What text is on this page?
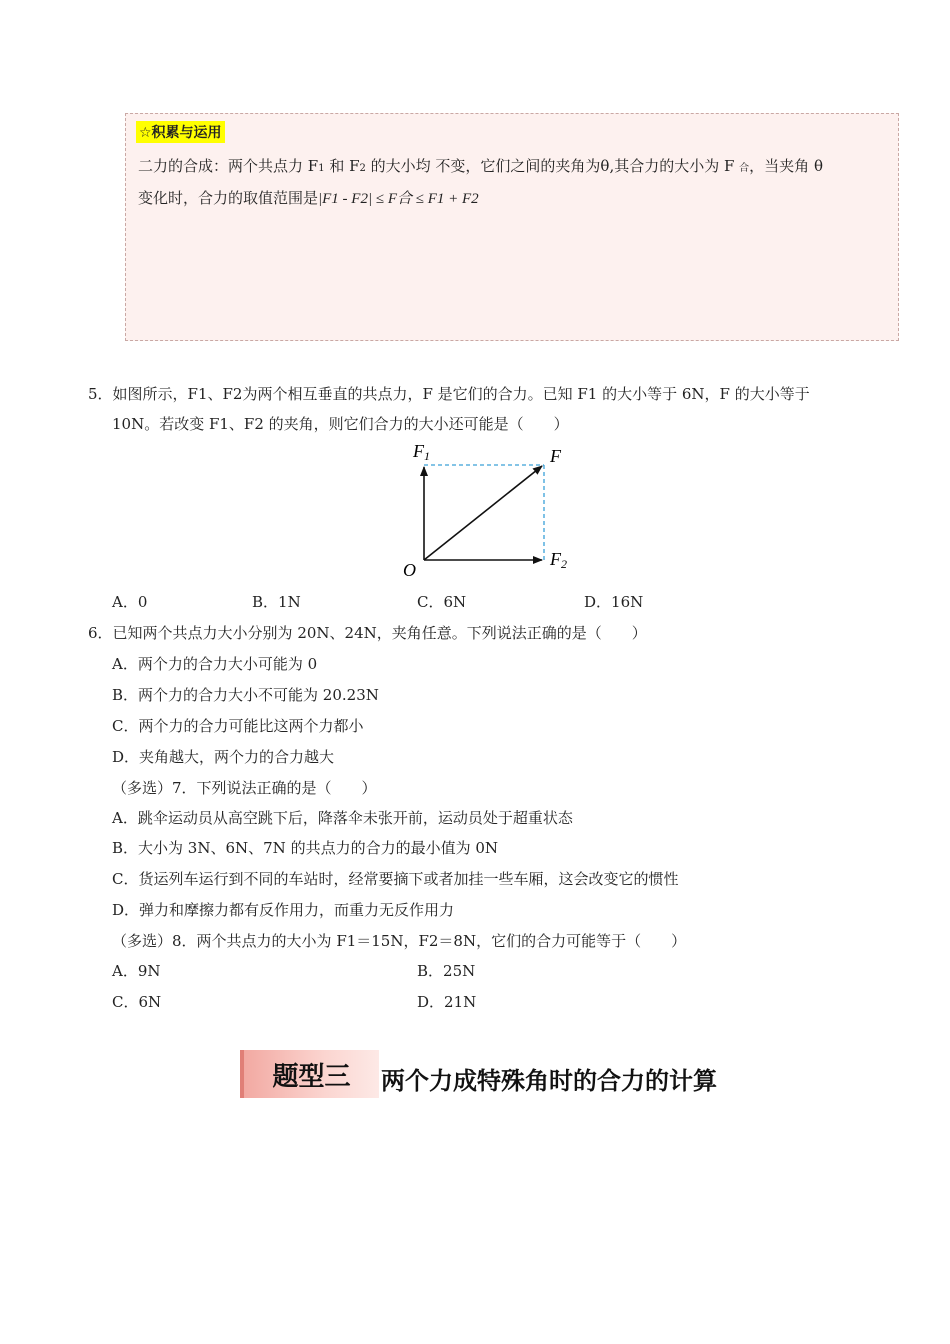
☆积累与运用
二力的合成：两个共点力 F1 和 F2 的大小均 不变，它们之间的夹角为θ,其合力的大小为 F 合，当夹角 θ
变化时，合力的取值范围是|F1 - F2| ≤ F合 ≤ F1 + F2
5．如图所示，F1、F2为两个相互垂直的共点力，F 是它们的合力。已知 F1 的大小等于 6N，F 的大小等于
10N。若改变 F1、F2 的夹角，则它们合力的大小还可能是（　　）
F1	F
F2
O
A．0	B．1N	C．6N	D．16N
6．已知两个共点力大小分别为 20N、24N，夹角任意。下列说法正确的是（　　）
A．两个力的合力大小可能为 0
B．两个力的合力大小不可能为 20.23N
C．两个力的合力可能比这两个力都小
D．夹角越大，两个力的合力越大
（多选）7．下列说法正确的是（　　）
A．跳伞运动员从高空跳下后，降落伞未张开前，运动员处于超重状态
B．大小为 3N、6N、7N 的共点力的合力的最小值为 0N
C．货运列车运行到不同的车站时，经常要摘下或者加挂一些车厢，这会改变它的惯性
D．弹力和摩擦力都有反作用力，而重力无反作用力
（多选）8．两个共点力的大小为 F1＝15N，F2＝8N，它们的合力可能等于（　　）
A．9N	B．25N
C．6N	D．21N
题型三 两个力成特殊角时的合力的计算
